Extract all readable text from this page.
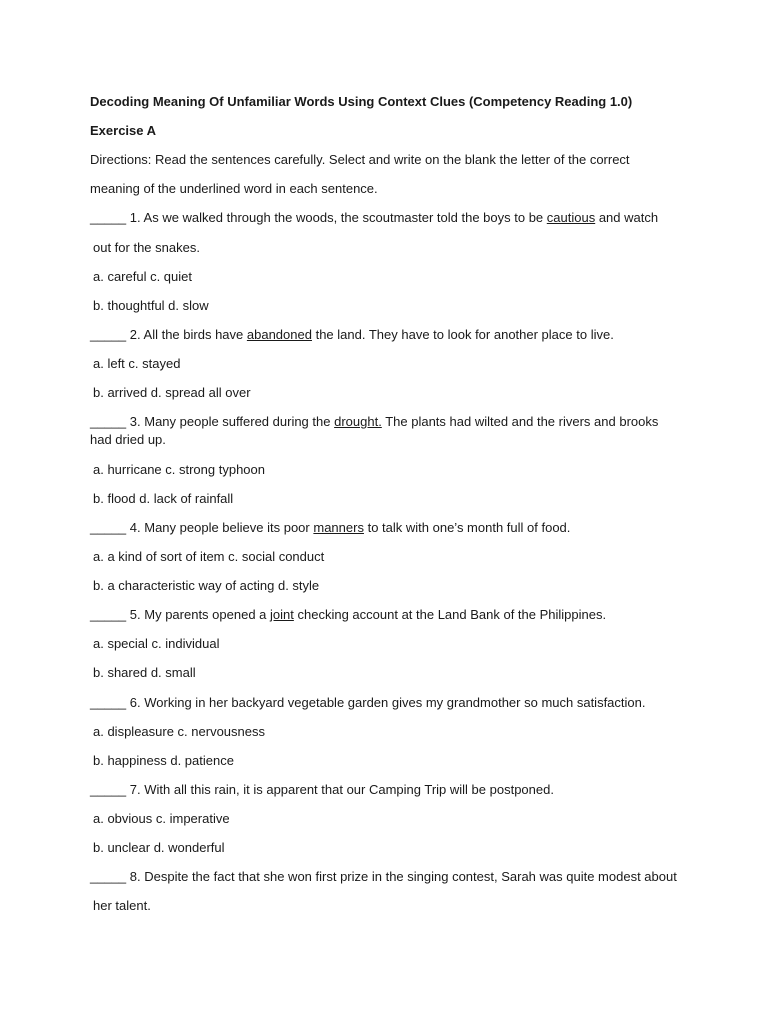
Decoding Meaning Of Unfamiliar Words Using Context Clues (Competency Reading 1.0)
Exercise A
Directions: Read the sentences carefully. Select and write on the blank the letter of the correct
meaning of the underlined word in each sentence.
_____ 1. As we walked through the woods, the scoutmaster told the boys to be cautious and watch
out for the snakes.
a. careful c. quiet
b. thoughtful d. slow
_____ 2. All the birds have abandoned the land. They have to look for another place to live.
a. left c. stayed
b. arrived d. spread all over
_____ 3. Many people suffered during the drought. The plants had wilted and the rivers and brooks had dried up.
a. hurricane c. strong typhoon
b. flood d. lack of rainfall
_____ 4. Many people believe its poor manners to talk with one’s month full of food.
a. a kind of sort of item c. social conduct
b. a characteristic way of acting d. style
_____ 5. My parents opened a joint checking account at the Land Bank of the Philippines.
a. special c. individual
b. shared d. small
_____ 6. Working in her backyard vegetable garden gives my grandmother so much satisfaction.
a. displeasure c. nervousness
b. happiness d. patience
_____ 7. With all this rain, it is apparent that our Camping Trip will be postponed.
a. obvious c. imperative
b. unclear d. wonderful
_____ 8. Despite the fact that she won first prize in the singing contest, Sarah was quite modest about
her talent.
